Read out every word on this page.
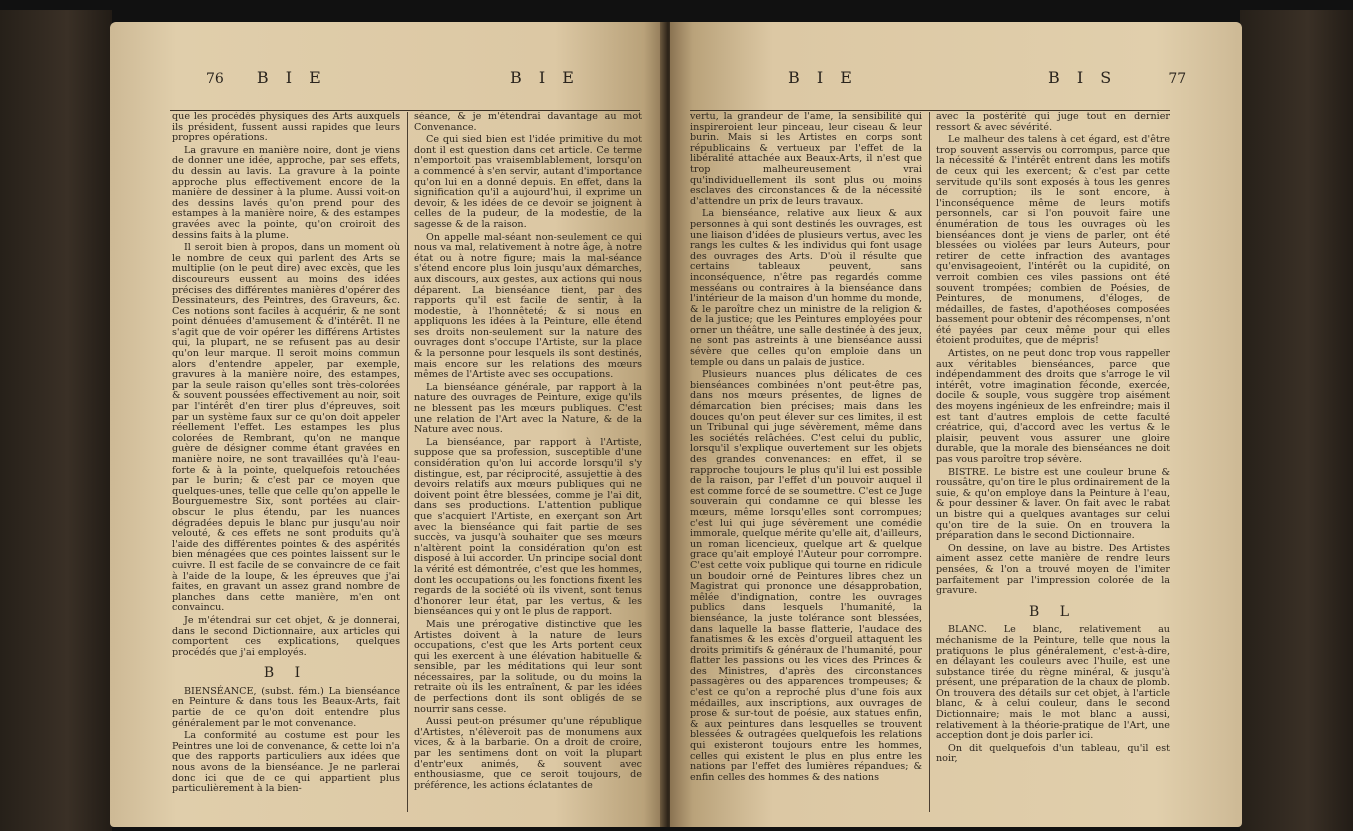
76 B I E	B I E

que les procédés physiques des Arts auxquels ils président, fussent aussi rapides que leurs propres opérations.

La gravure en manière noire, dont je viens de donner une idée, approche, par ses effets, du dessin au lavis. La gravure à la pointe approche plus effectivement encore de la manière de dessiner à la plume. Aussi voit-on des dessins lavés qu'on prend pour des estampes à la manière noire, & des estampes gravées avec la pointe, qu'on croiroit des dessins faits à la plume.

Il seroit bien à propos, dans un moment où le nombre de ceux qui parlent des Arts se multiplie (on le peut dire) avec excès, que les discoureurs eussent au moins des idées précises des différentes manières d'opérer des Dessinateurs, des Peintres, des Graveurs, &c. Ces notions sont faciles à acquérir, & ne sont point dénuées d'amusement & d'intérêt. Il ne s'agit que de voir opérer les différens Artistes qui, la plupart, ne se refusent pas au desir qu'on leur marque. Il seroit moins commun alors d'entendre appeler, par exemple, gravures à la manière noire, des estampes, par la seule raison qu'elles sont très-colorées & souvent poussées effectivement au noir, soit par l'intérêt d'en tirer plus d'épreuves, soit par un système faux sur ce qu'on doit appeler réellement l'effet. Les estampes les plus colorées de Rembrant, qu'on ne manque guère de désigner comme étant gravées en manière noire, ne sont travaillées qu'à l'eau-forte & à la pointe, quelquefois retouchées par le burin; & c'est par ce moyen que quelques-unes, telle que celle qu'on appelle le Bourguemestre Six, sont portées au clair-obscur le plus étendu, par les nuances dégradées depuis le blanc pur jusqu'au noir velouté, & ces effets ne sont produits qu'à l'aide des différentes pointes & des aspérités bien ménagées que ces pointes laissent sur le cuivre. Il est facile de se convaincre de ce fait à l'aide de la loupe, & les épreuves que j'ai faites, en gravant un assez grand nombre de planches dans cette manière, m'en ont convaincu.

Je m'étendrai sur cet objet, & je donnerai, dans le second Dictionnaire, aux articles qui comportent ces explications, quelques procédés que j'ai employés.

B I

BIENSÉANCE, (subst. fém.) La bienséance en Peinture & dans tous les Beaux-Arts, fait partie de ce qu'on doit entendre plus généralement par le mot convenance.

La conformité au costume est pour les Peintres une loi de convenance, & cette loi n'a que des rapports particuliers aux idées que nous avons de la bienséance. Je ne parlerai donc ici que de ce qui appartient plus particulièrement à la bien-

séance, & je m'étendrai davantage au mot Convenance.

Ce qui sied bien est l'idée primitive du mot dont il est question dans cet article. Ce terme n'emportoit pas vraisemblablement, lorsqu'on a commencé à s'en servir, autant d'importance qu'on lui en a donné depuis. En effet, dans la signification qu'il a aujourd'hui, il exprime un devoir, & les idées de ce devoir se joignent à celles de la pudeur, de la modestie, de la sagesse & de la raison.

On appelle mal-séant non-seulement ce qui nous va mal, relativement à notre âge, à notre état ou à notre figure; mais la mal-séance s'étend encore plus loin jusqu'aux démarches, aux discours, aux gestes, aux actions qui nous déparent. La bienséance tient, par des rapports qu'il est facile de sentir, à la modestie, à l'honnêteté; & si nous en appliquons les idées à la Peinture, elle étend ses droits non-seulement sur la nature des ouvrages dont s'occupe l'Artiste, sur la place & la personne pour lesquels ils sont destinés, mais encore sur les relations des mœurs mêmes de l'Artiste avec ses occupations.

La bienséance générale, par rapport à la nature des ouvrages de Peinture, exige qu'ils ne blessent pas les mœurs publiques. C'est une relation de l'Art avec la Nature, & de la Nature avec nous.

La bienséance, par rapport à l'Artiste, suppose que sa profession, susceptible d'une considération qu'on lui accorde lorsqu'il s'y distingue, est, par réciprocité, assujettie à des devoirs relatifs aux mœurs publiques qui ne doivent point être blessées, comme je l'ai dit, dans ses productions. L'attention publique que s'acquiert l'Artiste, en exerçant son Art avec la bienséance qui fait partie de ses succès, va jusqu'à souhaiter que ses mœurs n'altèrent point la considération qu'on est disposé à lui accorder. Un principe social dont la vérité est démontrée, c'est que les hommes, dont les occupations ou les fonctions fixent les regards de la société où ils vivent, sont tenus d'honorer leur état, par les vertus, & les bienséances qui y ont le plus de rapport.

Mais une prérogative distinctive que les Artistes doivent à la nature de leurs occupations, c'est que les Arts portent ceux qui les exercent à une élévation habituelle & sensible, par les méditations qui leur sont nécessaires, par la solitude, ou du moins la retraite où ils les entraînent, & par les idées de perfections dont ils sont obligés de se nourrir sans cesse.

Aussi peut-on présumer qu'une république d'Artistes, n'élèveroit pas de monumens aux vices, & à la barbarie. On a droit de croire, par les sentimens dont on voit la plupart d'entr'eux animés, & souvent avec enthousiasme, que ce seroit toujours, de préférence, les actions éclatantes de

B I E	B I S	77

vertu, la grandeur de l'ame, la sensibilité qui inspireroient leur pinceau, leur ciseau & leur burin. Mais si les Artistes en corps sont républicains & vertueux par l'effet de la libéralité attachée aux Beaux-Arts, il n'est que trop malheureusement vrai qu'individuellement ils sont plus ou moins esclaves des circonstances & de la nécessité d'attendre un prix de leurs travaux.

La bienséance, relative aux lieux & aux personnes à qui sont destinés les ouvrages, est une liaison d'idées de plusieurs vertus, avec les rangs les cultes & les individus qui font usage des ouvrages des Arts. D'où il résulte que certains tableaux peuvent, sans inconséquence, n'être pas regardés comme messéans ou contraires à la bienséance dans l'intérieur de la maison d'un homme du monde, & le paroître chez un ministre de la religion & de la justice; que les Peintures employées pour orner un théâtre, une salle destinée à des jeux, ne sont pas astreints à une bienséance aussi sévère que celles qu'on emploie dans un temple ou dans un palais de justice.

Plusieurs nuances plus délicates de ces bienséances combinées n'ont peut-être pas, dans nos mœurs présentes, de lignes de démarcation bien précises; mais dans les douces qu'on peut élever sur ces limites, il est un Tribunal qui juge sévèrement, même dans les sociétés relâchées. C'est celui du public, lorsqu'il s'explique ouvertement sur les objets des grandes convenances: en effet, il se rapproche toujours le plus qu'il lui est possible de la raison, par l'effet d'un pouvoir auquel il est comme forcé de se soumettre. C'est ce Juge souverain qui condamne ce qui blesse les mœurs, même lorsqu'elles sont corrompues; c'est lui qui juge sévèrement une comédie immorale, quelque mérite qu'elle ait, d'ailleurs, un roman licencieux, quelque art & quelque grace qu'ait employé l'Auteur pour corrompre. C'est cette voix publique qui tourne en ridicule un boudoir orné de Peintures libres chez un Magistrat qui prononce une désapprobation, mêlée d'indignation, contre les ouvrages publics dans lesquels l'humanité, la bienséance, la juste tolérance sont blessées, dans laquelle la basse flatterie, l'audace des fanatismes & les excès d'orgueil attaquent les droits primitifs & généraux de l'humanité, pour flatter les passions ou les vices des Princes & des Ministres, d'après des circonstances passagères ou des apparences trompeuses; & c'est ce qu'on a reproché plus d'une fois aux médailles, aux inscriptions, aux ouvrages de prose & sur-tout de poésie, aux statues enfin, & aux peintures dans lesquelles se trouvent blessées & outragées quelquefois les relations qui existeront toujours entre les hommes, celles qui existent le plus en plus entre les nations par l'effet des lumières répandues; & enfin celles des hommes & des nations

avec la postérité qui juge tout en dernier ressort & avec sévérité.

Le malheur des talens à cet égard, est d'être trop souvent asservis ou corrompus, parce que la nécessité & l'intérêt entrent dans les motifs de ceux qui les exercent; & c'est par cette servitude qu'ils sont exposés à tous les genres de corruption; ils le sont encore, à l'inconséquence même de leurs motifs personnels, car si l'on pouvoit faire une énumération de tous les ouvrages où les bienséances dont je viens de parler, ont été blessées ou violées par leurs Auteurs, pour retirer de cette infraction des avantages qu'envisageoient, l'intérêt ou la cupidité, on verroit combien ces viles passions ont été souvent trompées; combien de Poésies, de Peintures, de monumens, d'éloges, de médailles, de fastes, d'apothéoses composées bassement pour obtenir des récompenses, n'ont été payées par ceux même pour qui elles étoient produites, que de mépris!

Artistes, on ne peut donc trop vous rappeller aux véritables bienséances, parce que indépendamment des droits que s'arroge le vil intérêt, votre imagination féconde, exercée, docile & souple, vous suggère trop aisément des moyens ingénieux de les enfreindre; mais il est tant d'autres emplois de cette faculté créatrice, qui, d'accord avec les vertus & le plaisir, peuvent vous assurer une gloire durable, que la morale des bienséances ne doit pas vous paroître trop sévère.

BISTRE. Le bistre est une couleur brune & roussâtre, qu'on tire le plus ordinairement de la suie, & qu'on employe dans la Peinture à l'eau, & pour dessiner & laver. On fait avec le rabat un bistre qui a quelques avantages sur celui qu'on tire de la suie. On en trouvera la préparation dans le second Dictionnaire.

On dessine, on lave au bistre. Des Artistes aiment assez cette manière de rendre leurs pensées, & l'on a trouvé moyen de l'imiter parfaitement par l'impression colorée de la gravure.

B L

BLANC. Le blanc, relativement au méchanisme de la Peinture, telle que nous la pratiquons le plus généralement, c'est-à-dire, en délayant les couleurs avec l'huile, est une substance tirée du règne minéral, & jusqu'à présent, une préparation de la chaux de plomb. On trouvera des détails sur cet objet, à l'article blanc, & à celui couleur, dans le second Dictionnaire; mais le mot blanc a aussi, relativement à la théorie-pratique de l'Art, une acception dont je dois parler ici.

On dit quelquefois d'un tableau, qu'il est noir,
